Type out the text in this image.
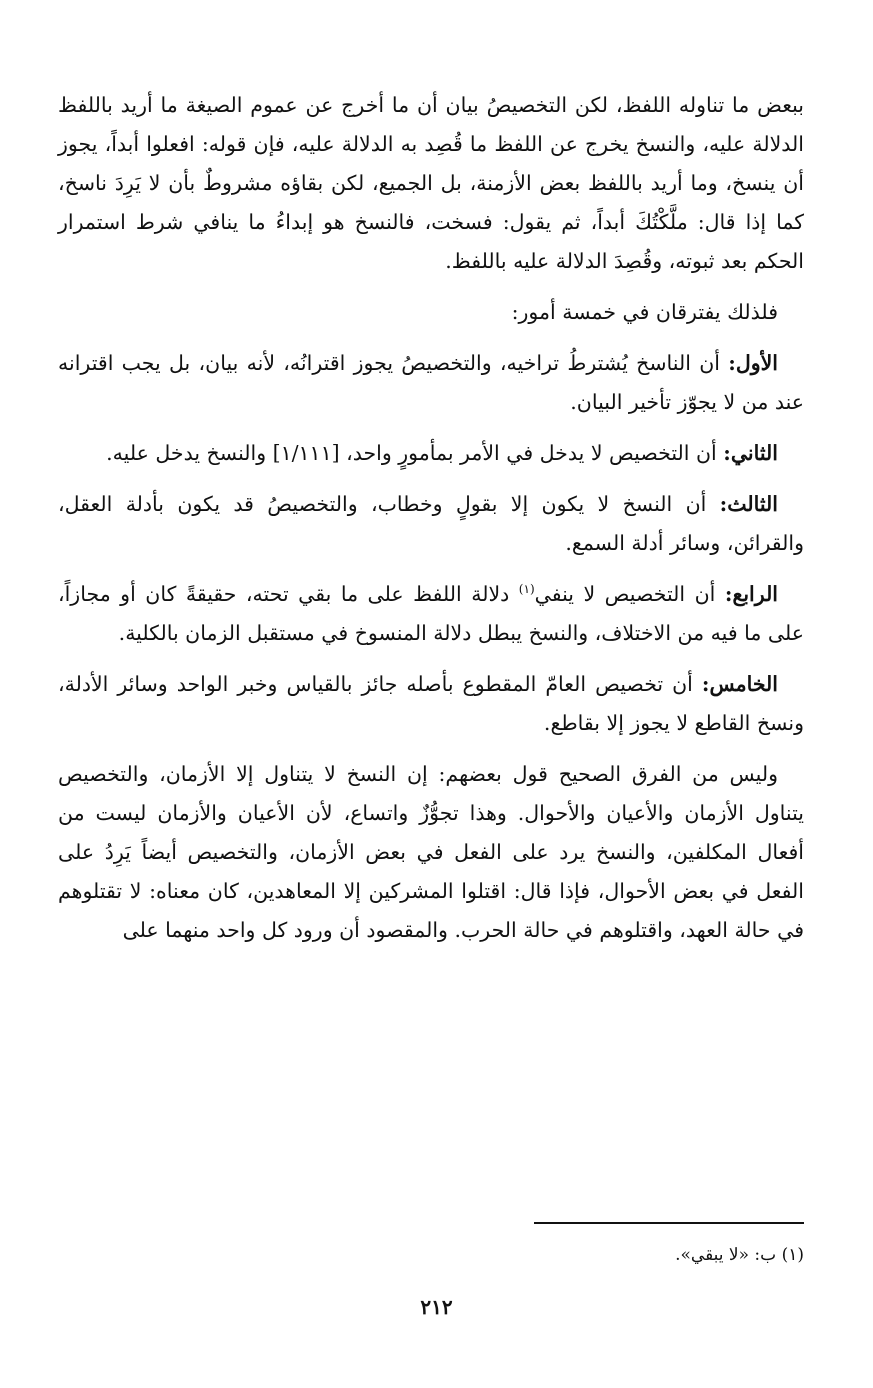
ببعض ما تناوله اللفظ، لكن التخصيصُ بيان أن ما أخرج عن عموم الصيغة ما أريد باللفظ الدلالة عليه، والنسخ يخرج عن اللفظ ما قُصِد به الدلالة عليه، فإن قوله: افعلوا أبداً، يجوز أن ينسخ، وما أريد باللفظ بعض الأزمنة، بل الجميع، لكن بقاؤه مشروطٌ بأن لا يَرِدَ ناسخ، كما إذا قال: ملَّكْتُكَ أبداً، ثم يقول: فسخت، فالنسخ هو إبداءُ ما ينافي شرط استمرار الحكم بعد ثبوته، وقُصِدَ الدلالة عليه باللفظ.

فلذلك يفترقان في خمسة أمور:

الأول: أن الناسخ يُشترطُ تراخيه، والتخصيصُ يجوز اقترانُه، لأنه بيان، بل يجب اقترانه عند من لا يجوّز تأخير البيان.

الثاني: أن التخصيص لا يدخل في الأمر بمأمورٍ واحد، [١/١١١] والنسخ يدخل عليه.

الثالث: أن النسخ لا يكون إلا بقولٍ وخطاب، والتخصيصُ قد يكون بأدلة العقل، والقرائن، وسائر أدلة السمع.

الرابع: أن التخصيص لا ينفي$^{(١)}$ دلالة اللفظ على ما بقي تحته، حقيقةً كان أو مجازاً، على ما فيه من الاختلاف، والنسخ يبطل دلالة المنسوخ في مستقبل الزمان بالكلية.

الخامس: أن تخصيص العامّ المقطوع بأصله جائز بالقياس وخبر الواحد وسائر الأدلة، ونسخ القاطع لا يجوز إلا بقاطع.

وليس من الفرق الصحيح قول بعضهم: إن النسخ لا يتناول إلا الأزمان، والتخصيص يتناول الأزمان والأعيان والأحوال. وهذا تجوُّزٌ واتساع، لأن الأعيان والأزمان ليست من أفعال المكلفين، والنسخ يرد على الفعل في بعض الأزمان، والتخصيص أيضاً يَرِدُ على الفعل في بعض الأحوال، فإذا قال: اقتلوا المشركين إلا المعاهدين، كان معناه: لا تقتلوهم في حالة العهد، واقتلوهم في حالة الحرب. والمقصود أن ورود كل واحد منهما على

(١) ب: «لا يبقي».
٢١٢
